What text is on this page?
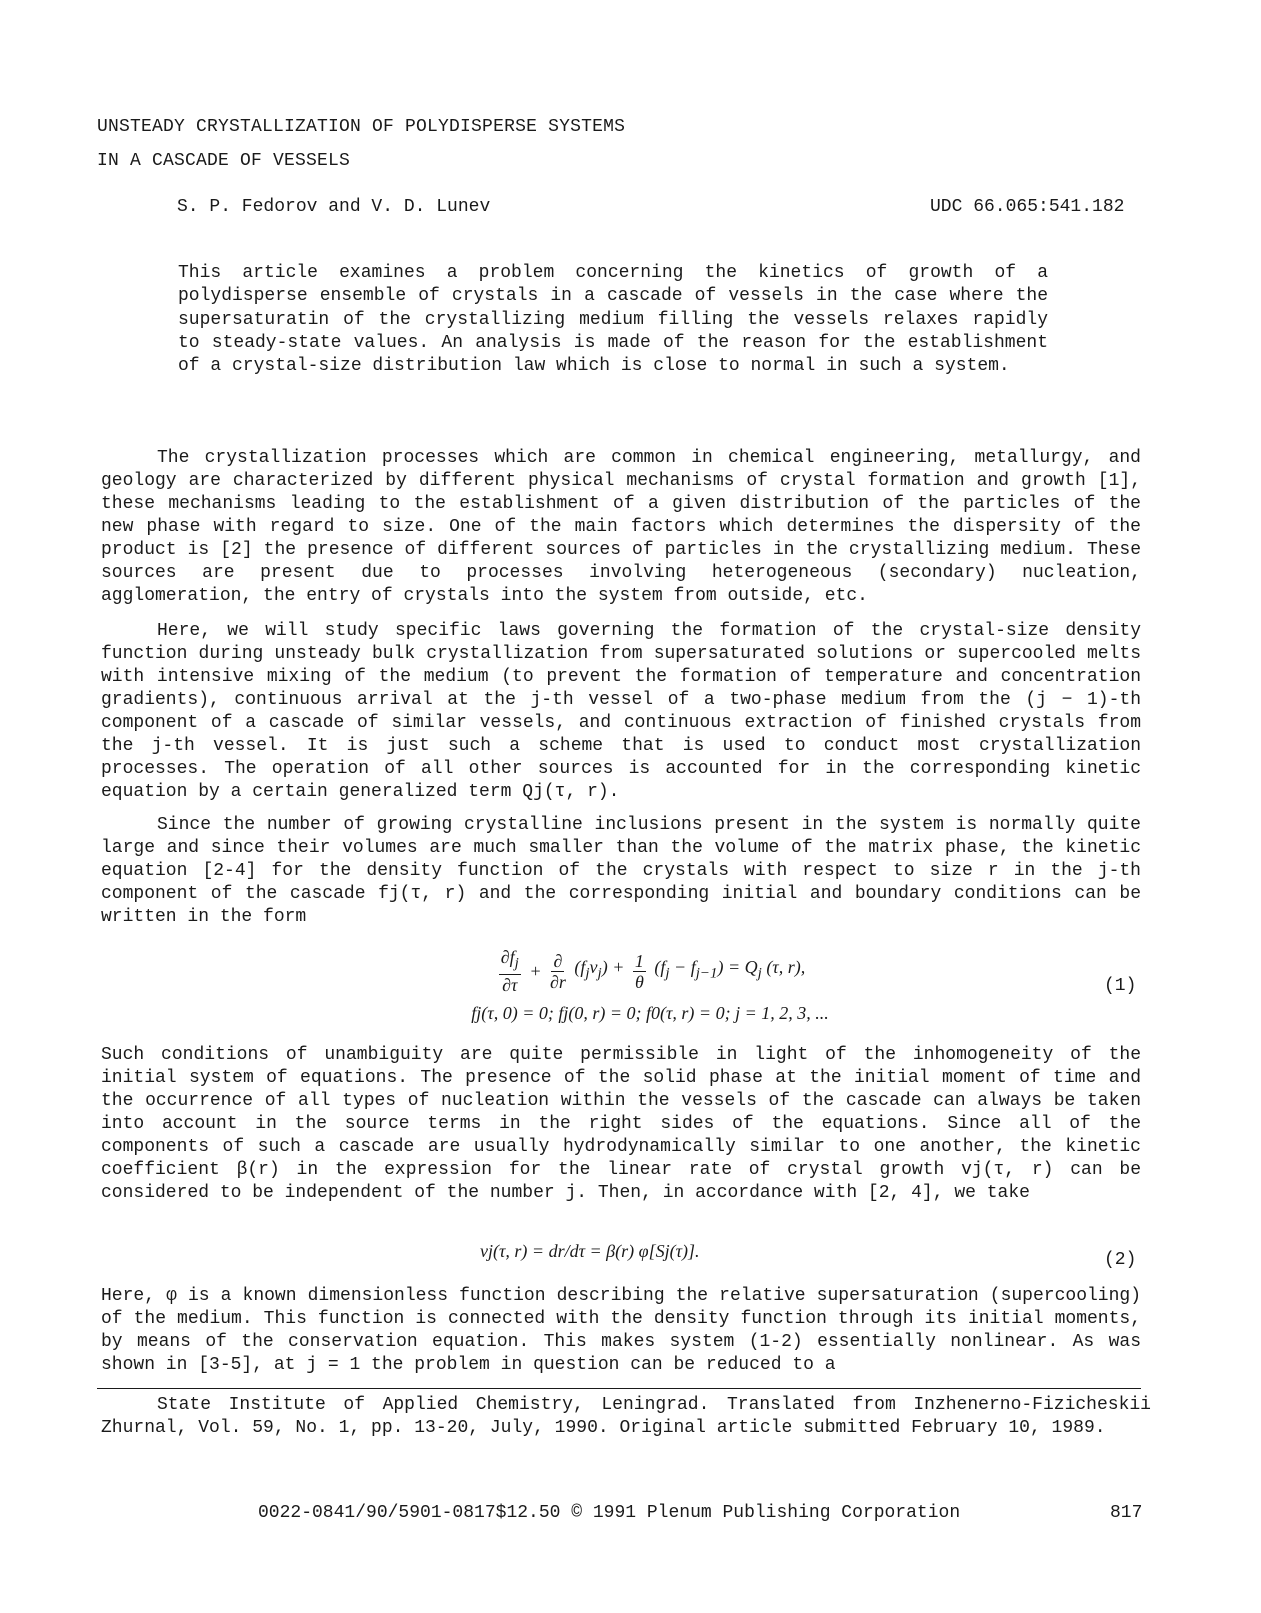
UNSTEADY CRYSTALLIZATION OF POLYDISPERSE SYSTEMS
IN A CASCADE OF VESSELS
S. P. Fedorov and V. D. Lunev	UDC 66.065:541.182
This article examines a problem concerning the kinetics of growth of a polydisperse ensemble of crystals in a cascade of vessels in the case where the supersaturatin of the crystallizing medium filling the vessels relaxes rapidly to steady-state values. An analysis is made of the reason for the establishment of a crystal-size distribution law which is close to normal in such a system.

The crystallization processes which are common in chemical engineering, metallurgy, and geology are characterized by different physical mechanisms of crystal formation and growth [1], these mechanisms leading to the establishment of a given distribution of the particles of the new phase with regard to size. One of the main factors which determines the dispersity of the product is [2] the presence of different sources of particles in the crystallizing medium. These sources are present due to processes involving heterogeneous (secondary) nucleation, agglomeration, the entry of crystals into the system from outside, etc.

Here, we will study specific laws governing the formation of the crystal-size density function during unsteady bulk crystallization from supersaturated solutions or supercooled melts with intensive mixing of the medium (to prevent the formation of temperature and concentration gradients), continuous arrival at the j-th vessel of a two-phase medium from the (j − 1)-th component of a cascade of similar vessels, and continuous extraction of finished crystals from the j-th vessel. It is just such a scheme that is used to conduct most crystallization processes. The operation of all other sources is accounted for in the corresponding kinetic equation by a certain generalized term Qj(τ, r).

Since the number of growing crystalline inclusions present in the system is normally quite large and since their volumes are much smaller than the volume of the matrix phase, the kinetic equation [2-4] for the density function of the crystals with respect to size r in the j-th component of the cascade fj(τ, r) and the corresponding initial and boundary conditions can be written in the form

$\frac{\partial f_j}{\partial\tau} + \frac{\partial}{\partial r} (f_jv_j) + \frac{1}{\theta} (f_j - f_{j-1}) = Q_j$ (τ, r),
fj(τ, 0) = 0; fj(0, r) = 0; f0(τ, r) = 0; j = 1, 2, 3, ...
(1)

Such conditions of unambiguity are quite permissible in light of the inhomogeneity of the initial system of equations. The presence of the solid phase at the initial moment of time and the occurrence of all types of nucleation within the vessels of the cascade can always be taken into account in the source terms in the right sides of the equations. Since all of the components of such a cascade are usually hydrodynamically similar to one another, the kinetic coefficient β(r) in the expression for the linear rate of crystal growth vj(τ, r) can be considered to be independent of the number j. Then, in accordance with [2, 4], we take

vj(τ, r) = dr/dτ = β(r) φ[Sj(τ)].	(2)

Here, φ is a known dimensionless function describing the relative supersaturation (supercooling) of the medium. This function is connected with the density function through its initial moments, by means of the conservation equation. This makes system (1-2) essentially nonlinear. As was shown in [3-5], at j = 1 the problem in question can be reduced to a

State Institute of Applied Chemistry, Leningrad. Translated from Inzhenerno-Fizicheskii Zhurnal, Vol. 59, No. 1, pp. 13-20, July, 1990. Original article submitted February 10, 1989.

0022-0841/90/5901-0817$12.50 © 1991 Plenum Publishing Corporation	817
